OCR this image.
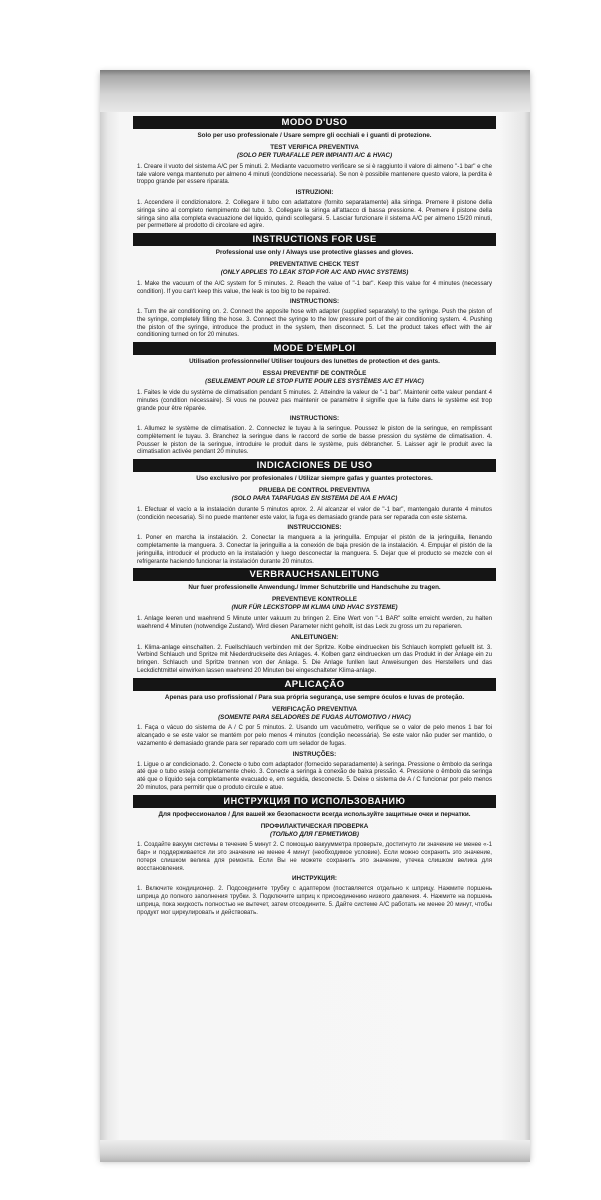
MODO D'USO
Solo per uso professionale / Usare sempre gli occhiali e i guanti di protezione.
TEST VERIFICA PREVENTIVA
(SOLO PER TURAFALLE PER IMPIANTI A/C & HVAC)

1. Creare il vuoto del sistema A/C per 5 minuti. 2. Mediante vacuometro verificare se si è raggiunto il valore di almeno "-1 bar" e che tale valore venga mantenuto per almeno 4 minuti (condizione necessaria). Se non è possibile mantenere questo valore, la perdita è troppo grande per essere riparata.

ISTRUZIONI:

1. Accendere il condizionatore. 2. Collegare il tubo con adattatore (fornito separatamente) alla siringa. Premere il pistone della siringa sino al completo riempimento del tubo. 3. Collegare la siringa all'attacco di bassa pressione. 4. Premere il pistone della siringa sino alla completa evacuazione del liquido, quindi scollegarsi. 5. Lasciar funzionare il sistema A/C per almeno 15/20 minuti, per permettere al prodotto di circolare ed agire.

INSTRUCTIONS FOR USE
Professional use only / Always use protective glasses and gloves.
PREVENTATIVE CHECK TEST
(ONLY APPLIES TO LEAK STOP FOR A/C AND HVAC SYSTEMS)

1. Make the vacuum of the A/C system for 5 minutes. 2. Reach the value of "-1 bar". Keep this value for 4 minutes (necessary condition). If you can't keep this value, the leak is too big to be repaired.

INSTRUCTIONS:

1. Turn the air conditioning on. 2. Connect the apposite hose with adapter (supplied separately) to the syringe. Push the piston of the syringe, completely filling the hose. 3. Connect the syringe to the low pressure port of the air conditioning system. 4. Pushing the piston of the syringe, introduce the product in the system, then disconnect. 5. Let the product takes effect with the air conditioning turned on for 20 minutes.

MODE D'EMPLOI
Utilisation professionnelle/ Utiliser toujours des lunettes de protection et des gants.
ESSAI PREVENTIF DE CONTRÔLE
(SEULEMENT POUR LE STOP FUITE POUR LES SYSTÈMES A/C ET HVAC)

1. Faites le vide du système de climatisation pendant 5 minutes. 2. Atteindre la valeur de "-1 bar". Maintenir cette valeur pendant 4 minutes (condition nécessaire). Si vous ne pouvez pas maintenir ce paramètre il signifie que la fuite dans le système est trop grande pour être réparée.

INSTRUCTIONS:

1. Allumez le système de climatisation. 2. Connectez le tuyau à la seringue. Poussez le piston de la seringue, en remplissant complètement le tuyau. 3. Branchez la seringue dans le raccord de sortie de basse pression du système de climatisation. 4. Pousser le piston de la seringue, introduire le produit dans le système, puis débrancher. 5. Laisser agir le produit avec la climatisation activée pendant 20 minutes.

INDICACIONES DE USO
Uso exclusivo por profesionales / Utilizar siempre gafas y guantes protectores.
PRUEBA DE CONTROL PREVENTIVA
(SOLO PARA TAPAFUGAS EN SISTEMA DE A/A E HVAC)

1. Efectuar el vacío a la instalación durante 5 minutos aprox. 2. Al alcanzar el valor de "-1 bar", mantengalo durante 4 minutos (condición necesaria). Si no puede mantener este valor, la fuga es demasiado grande para ser reparada con este sistema.

INSTRUCCIONES:

1. Poner en marcha la instalación. 2. Conectar la manguera a la jeringuilla. Empujar el pistón de la jeringuilla, llenando completamente la manguera. 3. Conectar la jeringuilla a la conexión de baja presión de la instalación. 4. Empujar el pistón de la jeringuilla, introducir el producto en la instalación y luego desconectar la manguera. 5. Dejar que el producto se mezcle con el refrigerante haciendo funcionar la instalación durante 20 minutos.

VERBRAUCHSANLEITUNG
Nur fuer professionelle Anwendung./ Immer Schutzbrille und Handschuhe zu tragen.
PREVENTIEVE KONTROLLE
(NUR FÜR LECKSTOPP IM KLIMA UND HVAC SYSTEME)

1. Anlage leeren und waehrend 5 Minute unter vakuum zu bringen 2. Eine Wert von "-1 BAR" sollte erreicht werden, zu halten waehrend 4 Minuten (notwendige Zustand). Wird diesen Parameter nicht gehollt, ist das Leck zu gross um zu reparieren.

ANLEITUNGEN:

1. Klima-anlage einschalten. 2. Fuellschlauch verbinden mit der Spritze. Kolbe eindruecken bis Schlauch komplett gefuellt ist. 3. Verbind Schlauch und Spritze mit Niederdruckseite des Anlages. 4. Kolben ganz eindruecken um das Produkt in der Anlage ein zu bringen. Schlauch und Spritze trennen von der Anlage. 5. Die Anlage funllen laut Anweisungen des Herstellers und das Leckdichtmittel einwirken lassen waehrend 20 Minuten bei eingeschalteter Klima-anlage.

APLICAÇÃO
Apenas para uso profissional / Para sua própria segurança, use sempre óculos e luvas de proteção.
VERIFICAÇÃO PREVENTIVA
(SOMENTE PARA SELADORES DE FUGAS AUTOMOTIVO / HVAC)

1. Faça o vácuo do sistema de A / C por 5 minutos. 2. Usando um vacuômetro, verifique se o valor de pelo menos 1 bar foi alcançado e se este valor se mantém por pelo menos 4 minutos (condição necessária). Se este valor não puder ser mantido, o vazamento é demasiado grande para ser reparado com um selador de fugas.

INSTRUÇÕES:

1. Ligue o ar condicionado. 2. Conecte o tubo com adaptador (fornecido separadamente) à seringa. Pressione o êmbolo da seringa até que o tubo esteja completamente cheio. 3. Conecte a seringa à conexão de baixa pressão. 4. Pressione o êmbolo da seringa até que o líquido seja completamente evacuado e, em seguida, desconecte. 5. Deixe o sistema de A / C funcionar por pelo menos 20 minutos, para permitir que o produto circule e atue.

ИНСТРУКЦИЯ ПО ИСПОЛЬЗОВАНИЮ
Для профессионалов / Для вашей же безопасности всегда используйте защитные очки и перчатки.
ПРОФИЛАКТИЧЕСКАЯ ПРОВЕРКА
(ТОЛЬКО ДЛЯ ГЕРМЕТИКОВ)

1. Создайте вакуум системы в течение 5 минут 2. С помощью вакуумметра проверьте, достигнуто ли значение не менее «-1 бар» и поддерживается ли это значение не менее 4 минут (необходимое условие). Если можно сохранить это значение, потеря слишком велика для ремонта. Если Вы не можете сохранить это значение, утечка слишком велика для восстановления.

ИНСТРУКЦИЯ:

1. Включите кондиционер. 2. Подсоедините трубку с адаптером (поставляется отдельно к шприцу. Нажмите поршень шприца до полного заполнения трубки. 3. Подключите шприц к присоединению низкого давления. 4. Нажмите на поршень шприца, пока жидкость полностью не вытечет, затем отсоедините. 5. Дайте системе A/C работать не менее 20 минут, чтобы продукт мог циркулировать и действовать.
